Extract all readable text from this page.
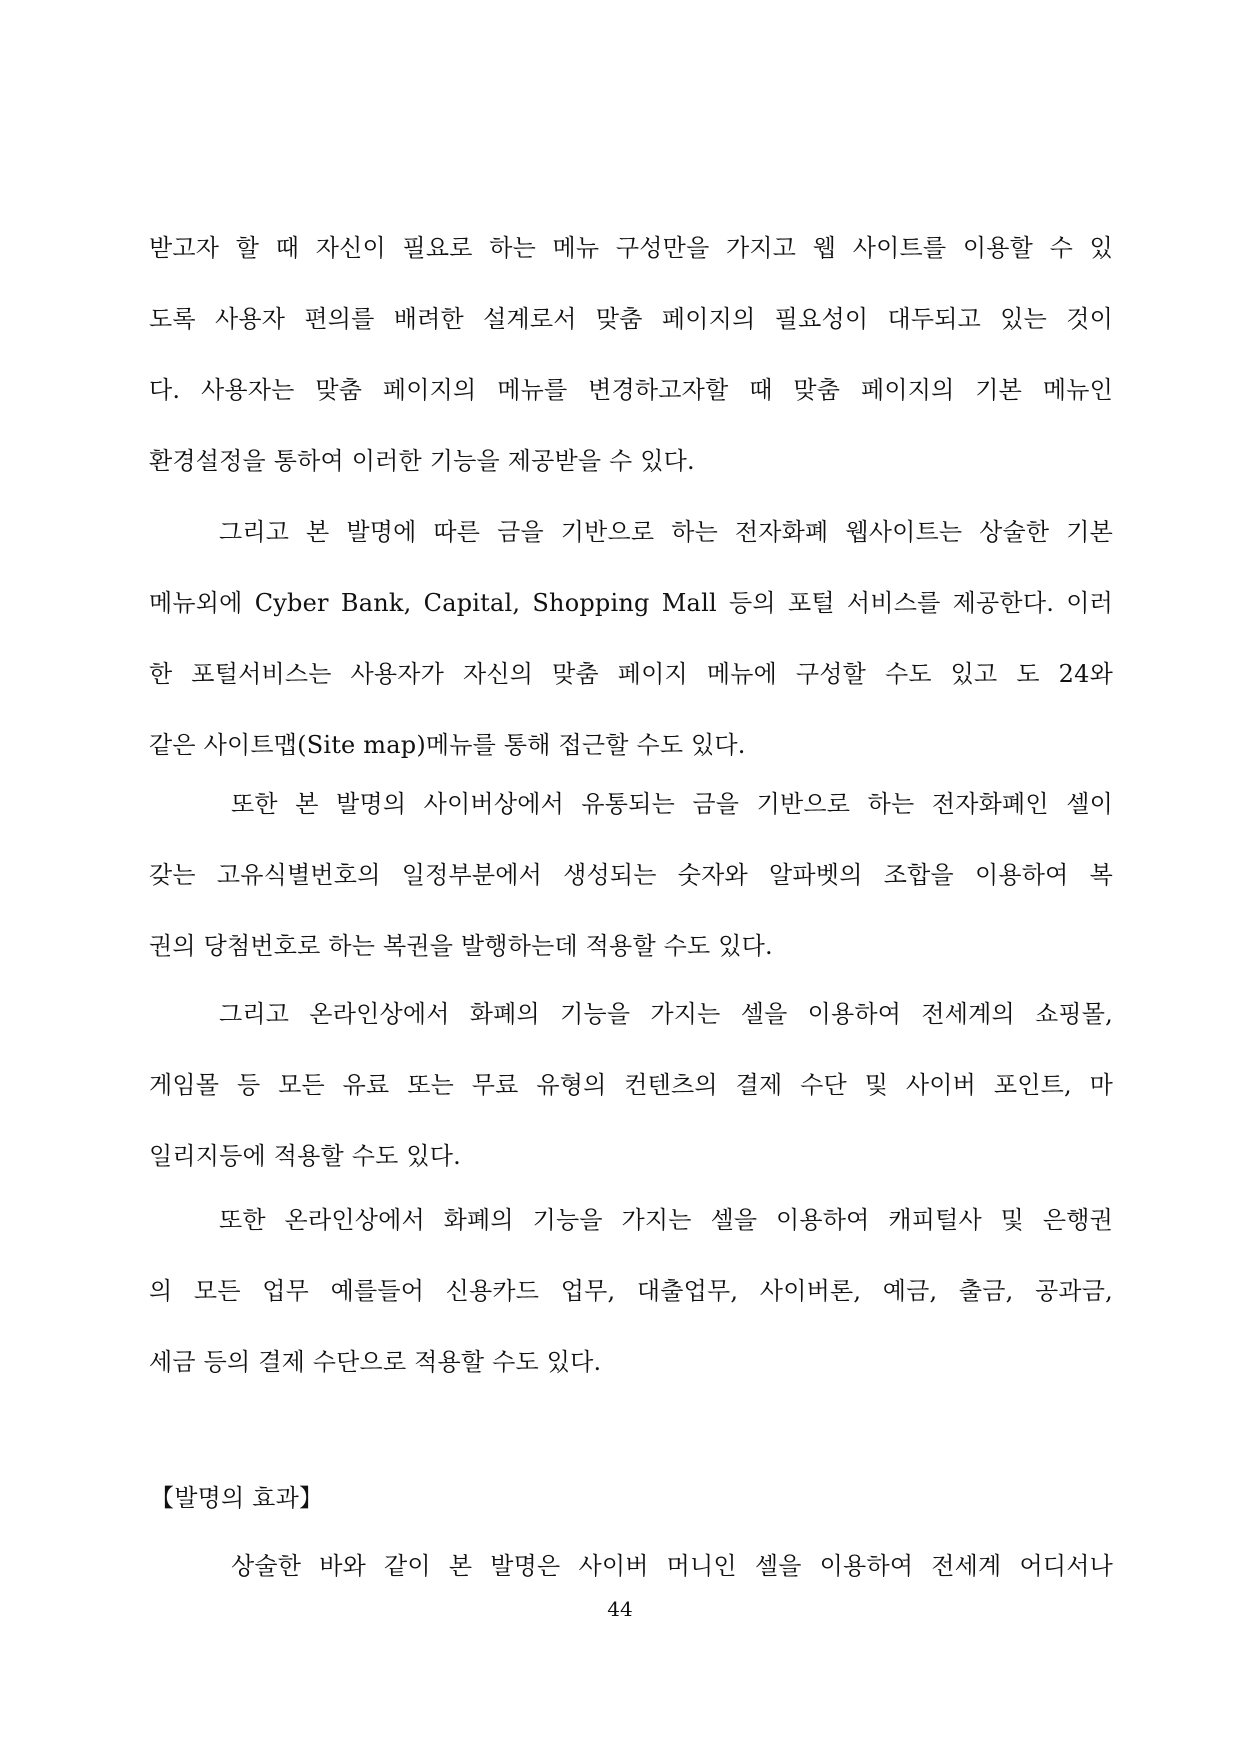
받고자 할 때 자신이 필요로 하는 메뉴 구성만을 가지고 웹 사이트를 이용할 수 있
도록 사용자 편의를 배려한 설계로서 맞춤 페이지의 필요성이 대두되고 있는 것이
다. 사용자는 맞춤 페이지의 메뉴를 변경하고자할 때 맞춤 페이지의 기본 메뉴인
환경설정을 통하여 이러한 기능을 제공받을 수 있다.
그리고 본 발명에 따른 금을 기반으로 하는 전자화폐 웹사이트는 상술한 기본
메뉴외에 Cyber Bank, Capital, Shopping Mall 등의 포털 서비스를 제공한다. 이러
한 포털서비스는 사용자가 자신의 맞춤 페이지 메뉴에 구성할 수도 있고 도 24와
같은 사이트맵(Site map)메뉴를 통해 접근할 수도 있다.
또한 본 발명의 사이버상에서 유통되는 금을 기반으로 하는 전자화폐인 셀이
갖는 고유식별번호의 일정부분에서 생성되는 숫자와 알파벳의 조합을 이용하여 복
권의 당첨번호로 하는 복권을 발행하는데 적용할 수도 있다.
그리고 온라인상에서 화폐의 기능을 가지는 셀을 이용하여 전세계의 쇼핑몰,
게임몰 등 모든 유료 또는 무료 유형의 컨텐츠의 결제 수단 및 사이버 포인트, 마
일리지등에 적용할 수도 있다.
또한 온라인상에서 화폐의 기능을 가지는 셀을 이용하여 캐피털사 및 은행권
의 모든 업무 예를들어 신용카드 업무, 대출업무, 사이버론, 예금, 출금, 공과금,
세금 등의 결제 수단으로 적용할 수도 있다.
【발명의 효과】
상술한 바와 같이 본 발명은 사이버 머니인 셀을 이용하여 전세계 어디서나
44
